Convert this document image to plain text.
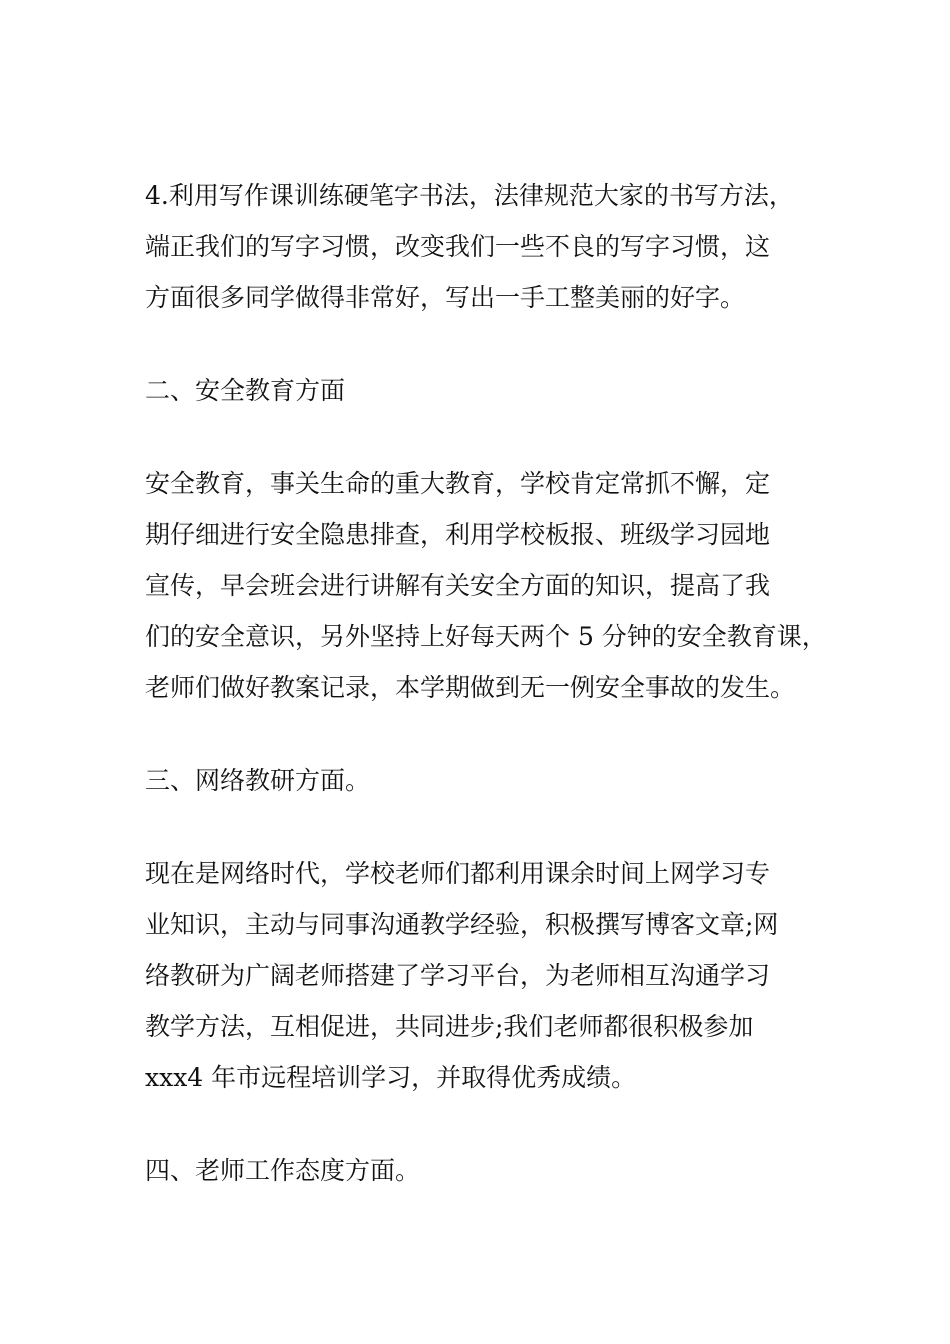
4.利用写作课训练硬笔字书法，法律规范大家的书写方法，
端正我们的写字习惯，改变我们一些不良的写字习惯，这
方面很多同学做得非常好，写出一手工整美丽的好字。
二、安全教育方面
安全教育，事关生命的重大教育，学校肯定常抓不懈，定
期仔细进行安全隐患排查，利用学校板报、班级学习园地
宣传，早会班会进行讲解有关安全方面的知识，提高了我
们的安全意识，另外坚持上好每天两个 5 分钟的安全教育课，
老师们做好教案记录，本学期做到无一例安全事故的发生。
三、网络教研方面。
现在是网络时代，学校老师们都利用课余时间上网学习专
业知识，主动与同事沟通教学经验，积极撰写博客文章;网
络教研为广阔老师搭建了学习平台，为老师相互沟通学习
教学方法，互相促进，共同进步;我们老师都很积极参加
xxx4 年市远程培训学习，并取得优秀成绩。
四、老师工作态度方面。
